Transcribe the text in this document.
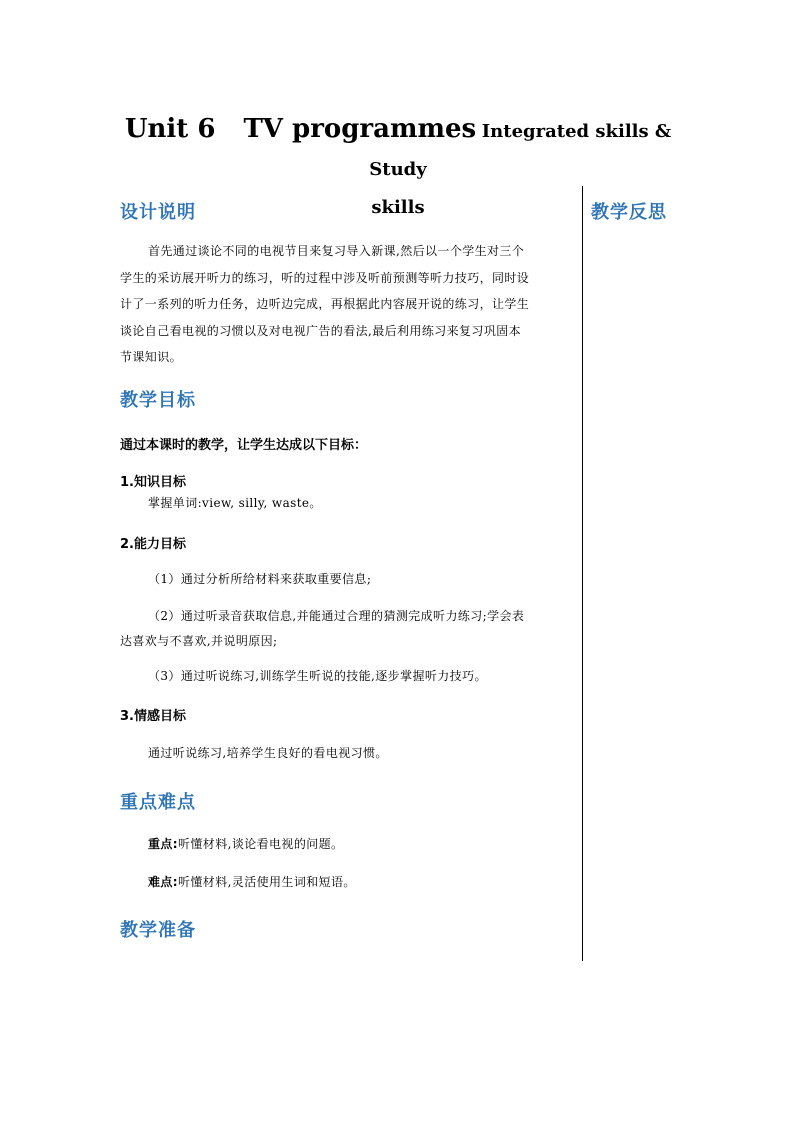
Unit 6 TV programmes Integrated skills & Study
skills	教学反思
设计说明
首先通过谈论不同的电视节目来复习导入新课,然后以一个学生对三个
学生的采访展开听力的练习，听的过程中涉及听前预测等听力技巧，同时设
计了一系列的听力任务，边听边完成，再根据此内容展开说的练习，让学生
谈论自己看电视的习惯以及对电视广告的看法,最后利用练习来复习巩固本
节课知识。
教学目标

通过本课时的教学，让学生达成以下目标：

1.知识目标

掌握单词:view, silly, waste。

2.能力目标

（1）通过分析所给材料来获取重要信息;

（2）通过听录音获取信息,并能通过合理的猜测完成听力练习;学会表

达喜欢与不喜欢,并说明原因;

（3）通过听说练习,训练学生听说的技能,逐步掌握听力技巧。

3.情感目标

通过听说练习,培养学生良好的看电视习惯。

重点难点

重点:听懂材料,谈论看电视的问题。

难点:听懂材料,灵活使用生词和短语。

教学准备
